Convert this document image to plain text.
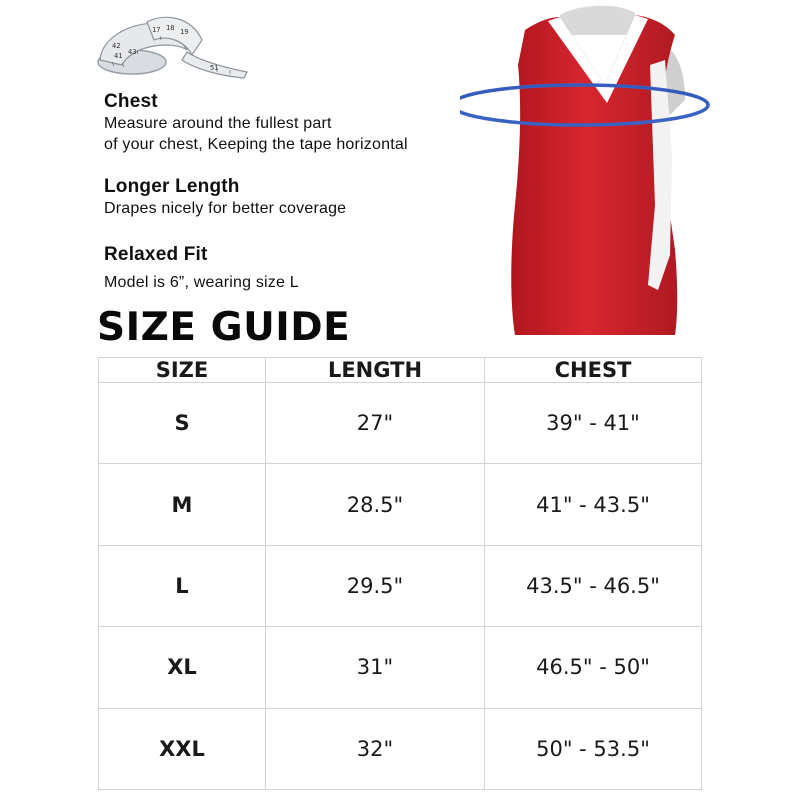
17 18 19
41 43
42
51
Chest
Measure around the fullest part
of your chest, Keeping the tape horizontal
Longer Length
Drapes nicely for better coverage
Relaxed Fit
Model is 6”, wearing size L
SIZE GUIDE
SIZE	LENGTH	CHEST
S	27"	39" - 41"
M	28.5"	41" - 43.5"
L	29.5"	43.5" - 46.5"
XL	31"	46.5" - 50"
XXL	32"	50" - 53.5"
